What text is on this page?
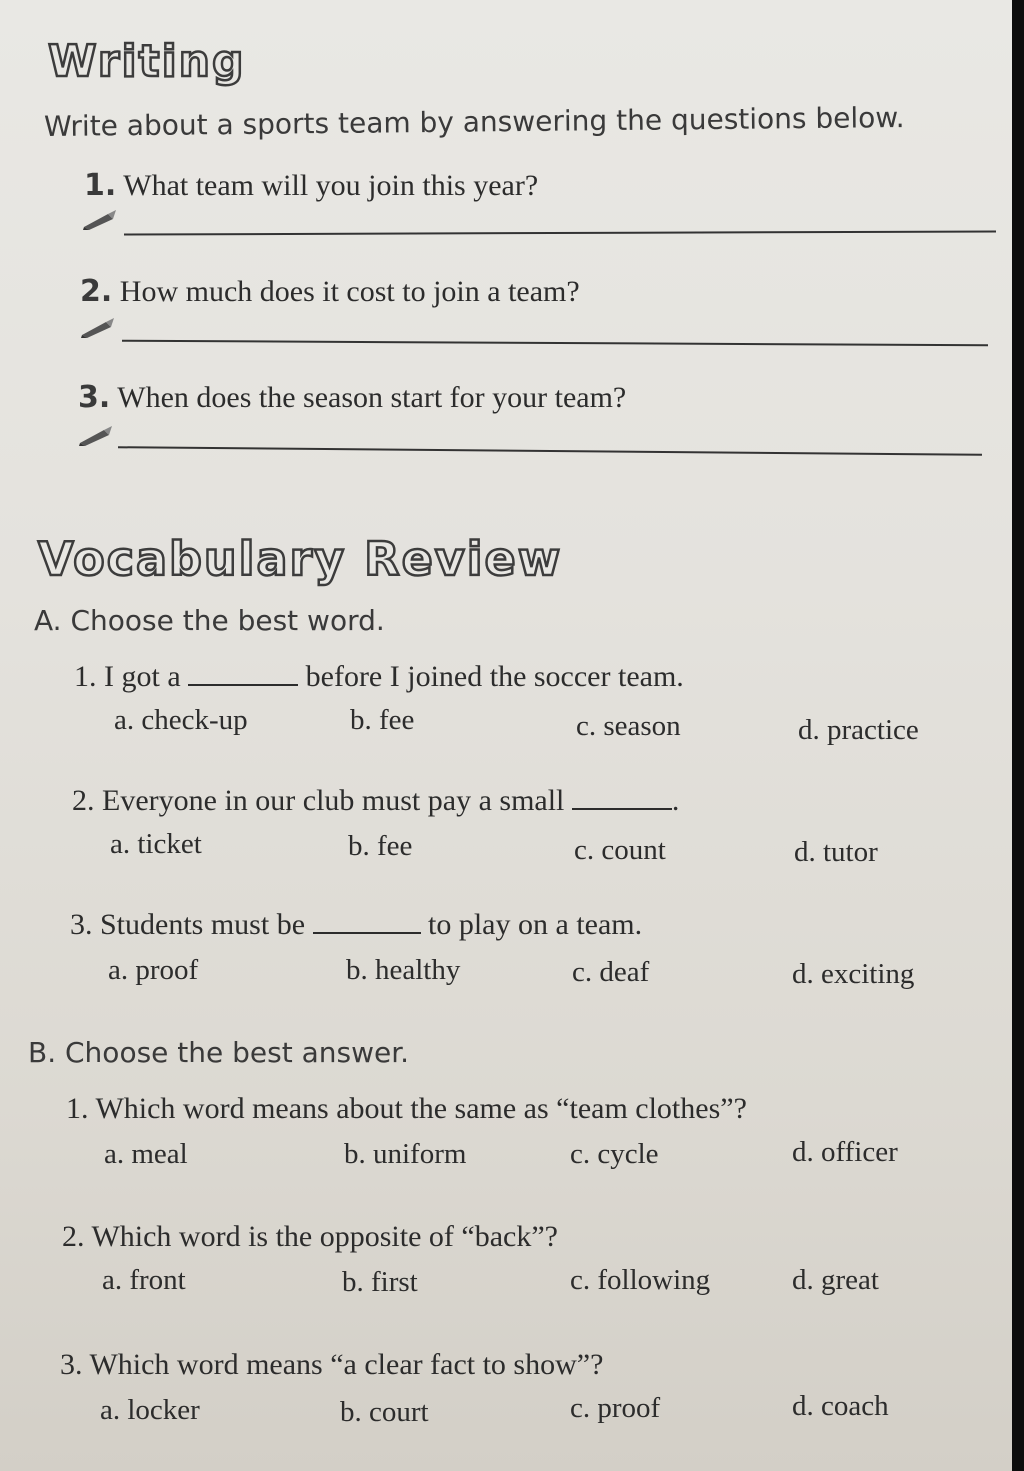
Writing

Write about a sports team by answering the questions below.

1. What team will you join this year?

2. How much does it cost to join a team?

3. When does the season start for your team?

Vocabulary Review

A. Choose the best word.

1. I got a	before I joined the soccer team.

a. check-up	b. fee	c. season	d. practice

2. Everyone in our club must pay a small	.

a. ticket	b. fee	c. count	d. tutor

3. Students must be	to play on a team.

a. proof	b. healthy	c. deaf	d. exciting

B. Choose the best answer.

1. Which word means about the same as “team clothes”?

a. meal	b. uniform	c. cycle	d. officer

2. Which word is the opposite of “back”?

a. front	b. first	c. following	d. great

3. Which word means “a clear fact to show”?

a. locker	b. court	c. proof	d. coach
